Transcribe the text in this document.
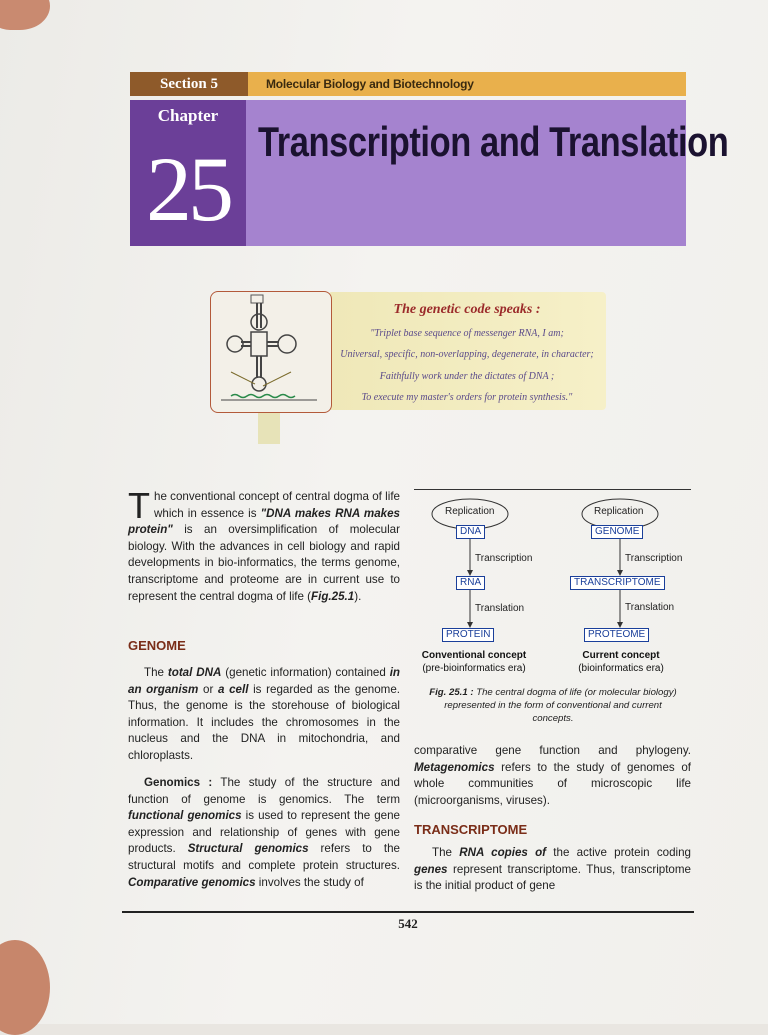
Section 5	Molecular Biology and Biotechnology
Chapter
25 Transcription and Translation
The genetic code speaks :
"Triplet base sequence of messenger RNA, I am;
Universal, specific, non-overlapping, degenerate, in character;
Faithfully work under the dictates of DNA ;
To execute my master's orders for protein synthesis."
The conventional concept of central dogma of life which in essence is "DNA makes RNA makes protein" is an oversimplification of molecular biology. With the advances in cell biology and rapid developments in bio-informatics, the terms genome, transcriptome and proteome are in current use to represent the central dogma of life (Fig.25.1).
GENOME
The total DNA (genetic information) contained in an organism or a cell is regarded as the genome. Thus, the genome is the storehouse of biological information. It includes the chromosomes in the nucleus and the DNA in mitochondria, and chloroplasts.
Genomics : The study of the structure and function of genome is genomics. The term functional genomics is used to represent the gene expression and relationship of genes with gene products. Structural genomics refers to the structural motifs and complete protein structures. Comparative genomics involves the study of
Replication
DNA
Transcription
RNA
Translation
PROTEIN
Conventional concept
(pre-bioinformatics era)
Replication
GENOME
Transcription
TRANSCRIPTOME
Translation
PROTEOME
Current concept
(bioinformatics era)
Fig. 25.1 : The central dogma of life (or molecular biology) represented in the form of conventional and current concepts.
comparative gene function and phylogeny. Metagenomics refers to the study of genomes of whole communities of microscopic life (microorganisms, viruses).
TRANSCRIPTOME
The RNA copies of the active protein coding genes represent transcriptome. Thus, transcriptome is the initial product of gene
542
